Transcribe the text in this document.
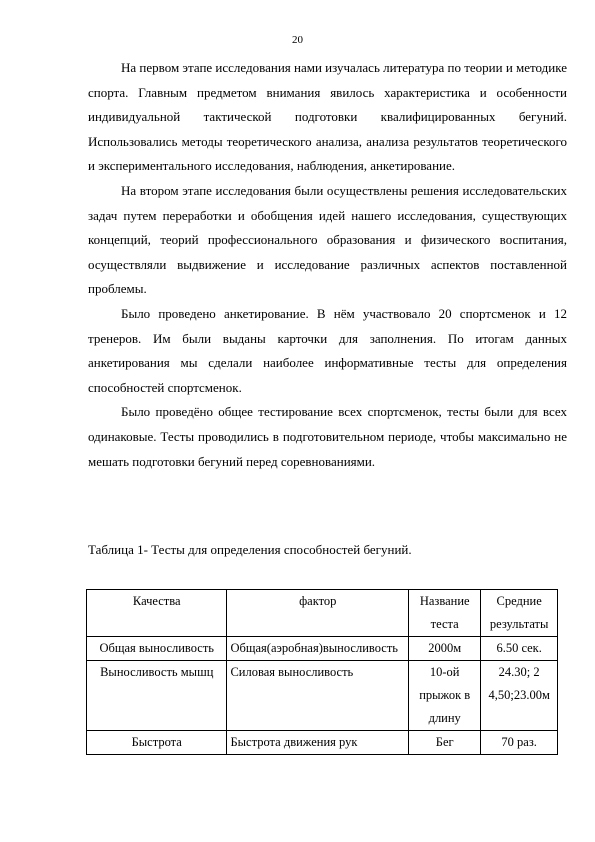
20

На первом этапе исследования нами изучалась литература по теории и методике спорта. Главным предметом внимания явилось характеристика и особенности индивидуальной тактической подготовки квалифицированных бегуний. Использовались методы теоретического анализа, анализа результатов теоретического и экспериментального исследования, наблюдения, анкетирование.

На втором этапе исследования были осуществлены решения исследовательских задач путем переработки и обобщения идей нашего исследования, существующих концепций, теорий профессионального образования и физического воспитания, осуществляли выдвижение и исследование различных аспектов поставленной проблемы.

Было проведено анкетирование. В нём участвовало 20 спортсменок и 12 тренеров. Им были выданы карточки для заполнения. По итогам данных анкетирования мы сделали наиболее информативные тесты для определения способностей спортсменок.

Было проведёно общее тестирование всех спортсменок, тесты были для всех одинаковые. Тесты проводились в подготовительном периоде, чтобы максимально не мешать подготовки бегуний перед соревнованиями.

Таблица 1- Тесты для определения способностей бегуний.
Качества	фактор	Название теста	Средние результаты
Общая выносливость	Общая(аэробная)выносливость	2000м	6.50 сек.
Выносливость мышц	Силовая выносливость	10-ой прыжок в длину	24.30; 2 4,50;23.00м
Быстрота	Быстрота движения рук	Бег	70 раз.
